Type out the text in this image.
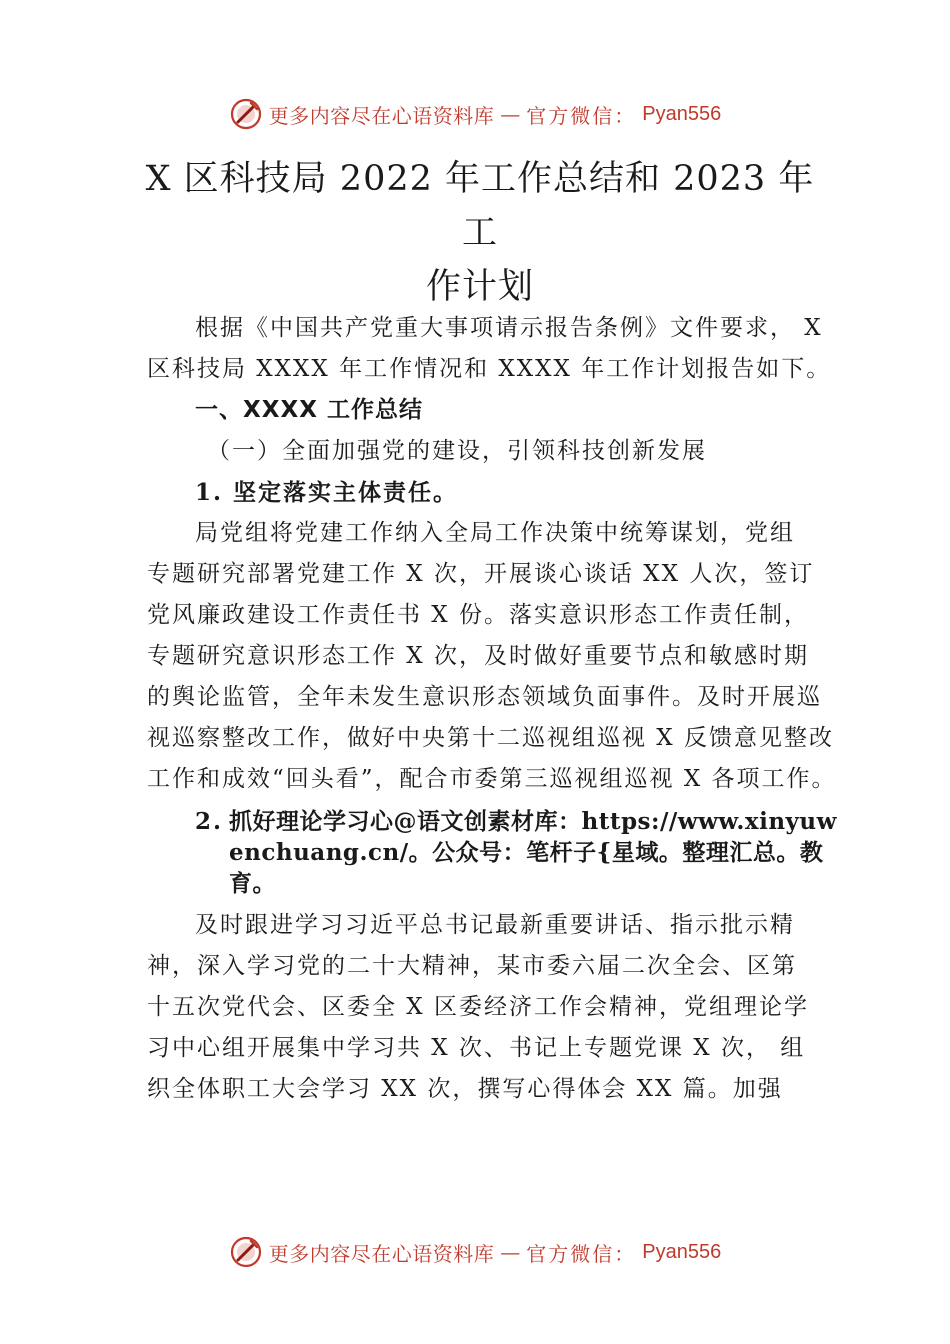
更多内容尽在心语资料库 — 官方微信： Pyan556
X 区科技局 2022 年工作总结和 2023 年工
作计划

根据《中国共产党重大事项请示报告条例》文件要求， X

区科技局 XXXX 年工作情况和 XXXX 年工作计划报告如下。

一、XXXX 工作总结

（一）全面加强党的建设，引领科技创新发展

1. 坚定落实主体责任。

局党组将党建工作纳入全局工作决策中统筹谋划，党组

专题研究部署党建工作 X 次，开展谈心谈话 XX 人次，签订

党风廉政建设工作责任书 X 份。落实意识形态工作责任制，

专题研究意识形态工作 X 次，及时做好重要节点和敏感时期

的舆论监管，全年未发生意识形态领域负面事件。及时开展巡

视巡察整改工作，做好中央第十二巡视组巡视 X 反馈意见整改

工作和成效“回头看”，配合市委第三巡视组巡视 X 各项工作。

2. 抓好理论学习心@语文创素材库：https://www.xinyuwenchuang.cn/。公众号：笔杆子{星域。整理汇总。教育。

及时跟进学习习近平总书记最新重要讲话、指示批示精

神，深入学习党的二十大精神，某市委六届二次全会、区第

十五次党代会、区委全 X 区委经济工作会精神，党组理论学

习中心组开展集中学习共 X 次、书记上专题党课 X 次， 组

织全体职工大会学习 XX 次，撰写心得体会 XX 篇。加强

更多内容尽在心语资料库 — 官方微信： Pyan556
